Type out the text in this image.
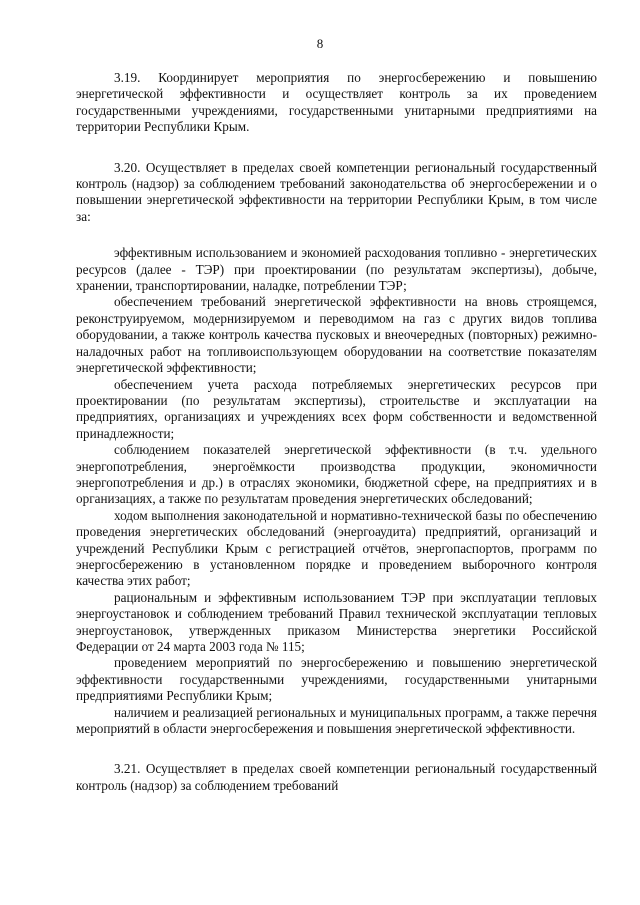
8

3.19. Координирует мероприятия по энергосбережению и повышению энергетической эффективности и осуществляет контроль за их проведением государственными учреждениями, государственными унитарными предприятиями на территории Республики Крым.

3.20. Осуществляет в пределах своей компетенции региональный государственный контроль (надзор) за соблюдением требований законодательства об энергосбережении и о повышении энергетической эффективности на территории Республики Крым, в том числе за:

эффективным использованием и экономией расходования топливно - энергетических ресурсов (далее - ТЭР) при проектировании (по результатам экспертизы), добыче, хранении, транспортировании, наладке, потреблении ТЭР;

обеспечением требований энергетической эффективности на вновь строящемся, реконструируемом, модернизируемом и переводимом на газ с других видов топлива оборудовании, а также контроль качества пусковых и внеочередных (повторных) режимно-наладочных работ на топливоиспользующем оборудовании на соответствие показателям энергетической эффективности;

обеспечением учета расхода потребляемых энергетических ресурсов при проектировании (по результатам экспертизы), строительстве и эксплуатации на предприятиях, организациях и учреждениях всех форм собственности и ведомственной принадлежности;

соблюдением показателей энергетической эффективности (в т.ч. удельного энергопотребления, энергоёмкости производства продукции, экономичности энергопотребления и др.) в отраслях экономики, бюджетной сфере, на предприятиях и в организациях, а также по результатам проведения энергетических обследований;

ходом выполнения законодательной и нормативно-технической базы по обеспечению проведения энергетических обследований (энергоаудита) предприятий, организаций и учреждений Республики Крым с регистрацией отчётов, энергопаспортов, программ по энергосбережению в установленном порядке и проведением выборочного контроля качества этих работ;

рациональным и эффективным использованием ТЭР при эксплуатации тепловых энергоустановок и соблюдением требований Правил технической эксплуатации тепловых энергоустановок, утвержденных приказом Министерства энергетики Российской Федерации от 24 марта 2003 года № 115;

проведением мероприятий по энергосбережению и повышению энергетической эффективности государственными учреждениями, государственными унитарными предприятиями Республики Крым;

наличием и реализацией региональных и муниципальных программ, а также перечня мероприятий в области энергосбережения и повышения энергетической эффективности.

3.21. Осуществляет в пределах своей компетенции региональный государственный контроль (надзор) за соблюдением требований
